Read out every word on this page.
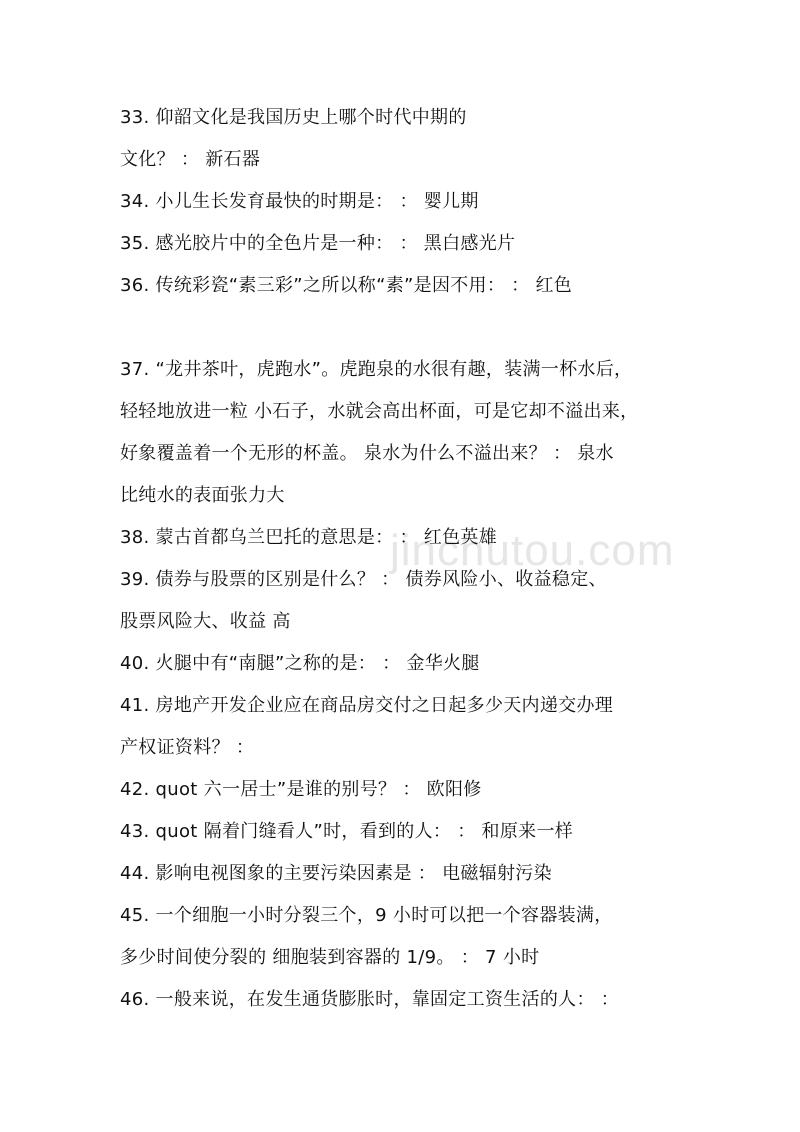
jinchutou.com
33. 仰韶文化是我国历史上哪个时代中期的
文化？ ： 新石器
34. 小儿生长发育最快的时期是： ： 婴儿期
35. 感光胶片中的全色片是一种： ： 黑白感光片
36. 传统彩瓷“素三彩”之所以称“素”是因不用： ： 红色
37. “龙井茶叶，虎跑水”。虎跑泉的水很有趣，装满一杯水后，
轻轻地放进一粒 小石子，水就会高出杯面，可是它却不溢出来，
好象覆盖着一个无形的杯盖。 泉水为什么不溢出来？ ： 泉水
比纯水的表面张力大
38. 蒙古首都乌兰巴托的意思是： ： 红色英雄
39. 债券与股票的区别是什么？ ： 债券风险小、收益稳定、
股票风险大、收益 高
40. 火腿中有“南腿”之称的是： ： 金华火腿
41. 房地产开发企业应在商品房交付之日起多少天内递交办理
产权证资料？ ：
42. quot 六一居士”是谁的别号？ ： 欧阳修
43. quot 隔着门缝看人”时，看到的人： ： 和原来一样
44. 影响电视图象的主要污染因素是 ： 电磁辐射污染
45. 一个细胞一小时分裂三个，9 小时可以把一个容器装满，
多少时间使分裂的 细胞装到容器的 1/9。 ： 7 小时
46. 一般来说，在发生通货膨胀时，靠固定工资生活的人： ：
